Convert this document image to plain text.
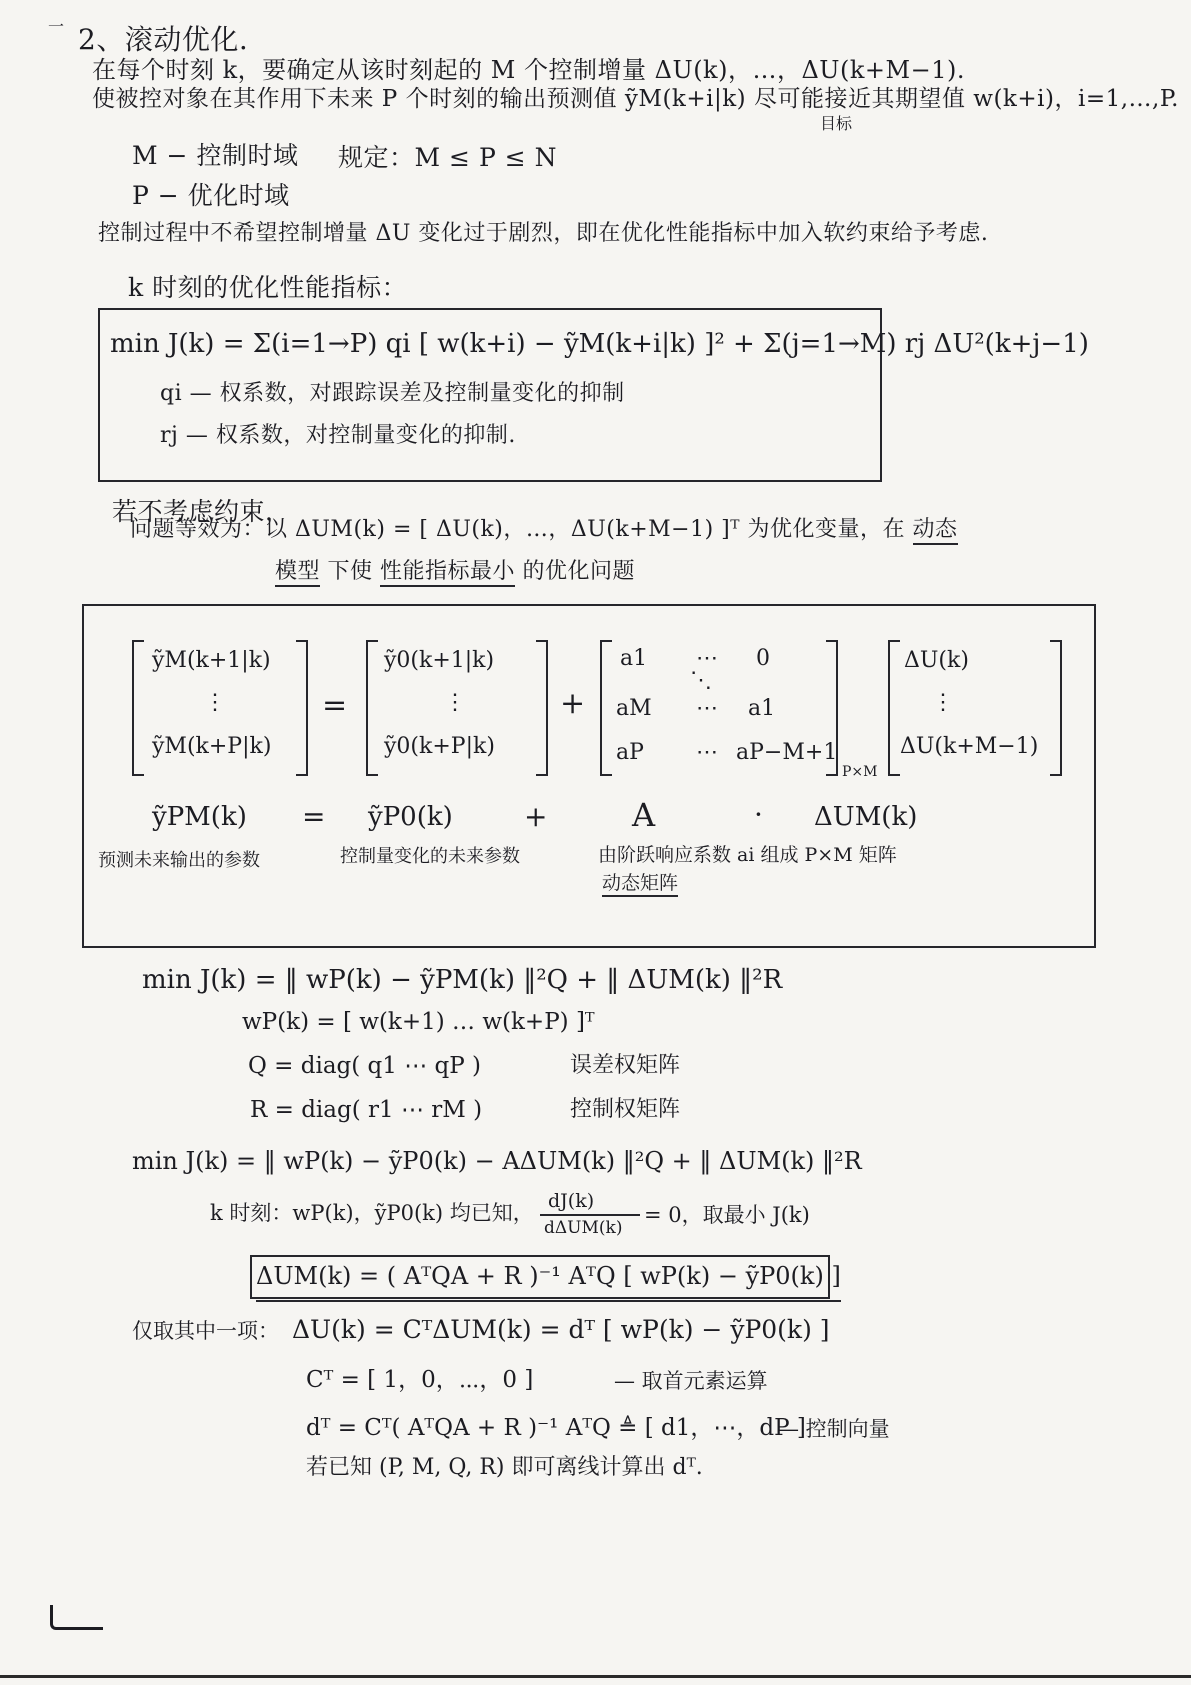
一 2、滚动优化.
在每个时刻 k，要确定从该时刻起的 M 个控制增量 ΔU(k)，…，ΔU(k+M−1).
使被控对象在其作用下未来 P 个时刻的输出预测值 ỹM(k+i|k) 尽可能接近其期望值 w(k+i)，i=1,…,P.
目标
M − 控制时域 规定：M ≤ P ≤ N
P − 优化时域
控制过程中不希望控制增量 ΔU 变化过于剧烈，即在优化性能指标中加入软约束给予考虑.
k 时刻的优化性能指标：
min J(k) = Σ(i=1→P) qi [ w(k+i) − ỹM(k+i|k) ]² + Σ(j=1→M) rj ΔU²(k+j−1)
qi — 权系数，对跟踪误差及控制量变化的抑制
rj — 权系数，对控制量变化的抑制.
若不考虑约束，
问题等效为：以 ΔUM(k) = [ ΔU(k)，…，ΔU(k+M−1) ]ᵀ 为优化变量，在 动态
模型 下使 性能指标最小 的优化问题
ỹM(k+1|k)
⋮
ỹM(k+P|k)
=
ỹ0(k+1|k)
⋮
ỹ0(k+P|k)
+
a1 ⋯ 0
⋱
aM ⋯ a1
aP ⋯ aP−M+1
P×M
ΔU(k)
⋮
ΔU(k+M−1)
ỹPM(k) = ỹP0(k)	+	A	· ΔUM(k)
预测未来输出的参数	控制量变化的未来参数	由阶跃响应系数 ai 组成 P×M 矩阵
动态矩阵
min J(k) = ‖ wP(k) − ỹPM(k) ‖²Q + ‖ ΔUM(k) ‖²R
wP(k) = [ w(k+1) … w(k+P) ]ᵀ
Q = diag( q1 ⋯ qP )	误差权矩阵
R = diag( r1 ⋯ rM )	控制权矩阵
min J(k) = ‖ wP(k) − ỹP0(k) − AΔUM(k) ‖²Q + ‖ ΔUM(k) ‖²R
k 时刻：wP(k)，ỹP0(k) 均已知， dJ(k)
dΔUM(k)
= 0，取最小 J(k)
ΔUM(k) = ( AᵀQA + R )⁻¹ AᵀQ [ wP(k) − ỹP0(k) ]
仅取其中一项： ΔU(k) = CᵀΔUM(k) = dᵀ [ wP(k) − ỹP0(k) ]
Cᵀ = [ 1，0，⋯，0 ]	— 取首元素运算
dᵀ = Cᵀ( AᵀQA + R )⁻¹ AᵀQ ≜ [ d1，⋯，dP ]
— 控制向量
若已知 (P, M, Q, R) 即可离线计算出 dᵀ.
